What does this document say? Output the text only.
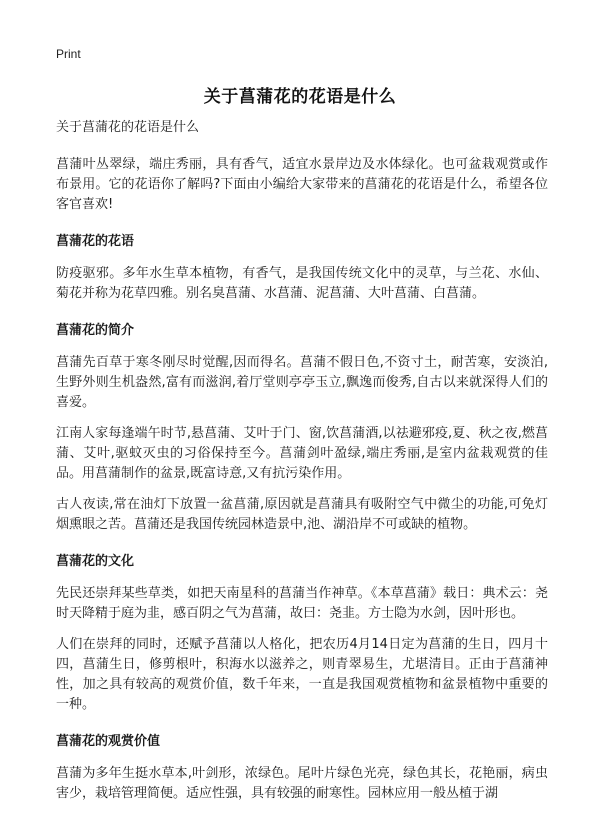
Print
关于菖蒲花的花语是什么

关于菖蒲花的花语是什么

菖蒲叶丛翠绿，端庄秀丽，具有香气，适宜水景岸边及水体绿化。也可盆栽观赏或作布景用。它的花语你了解吗?下面由小编给大家带来的菖蒲花的花语是什么，希望各位客官喜欢!

菖蒲花的花语

防疫驱邪。多年水生草本植物，有香气，是我国传统文化中的灵草，与兰花、水仙、菊花并称为花草四雅。别名臭菖蒲、水菖蒲、泥菖蒲、大叶菖蒲、白菖蒲。

菖蒲花的简介

菖蒲先百草于寒冬刚尽时觉醒,因而得名。菖蒲不假日色,不资寸土，耐苦寒，安淡泊,生野外则生机盎然,富有而滋润,着厅堂则亭亭玉立,飘逸而俊秀,自古以来就深得人们的喜爱。

江南人家每逢端午时节,悬菖蒲、艾叶于门、窗,饮菖蒲酒,以祛避邪疫,夏、秋之夜,燃菖蒲、艾叶,驱蚊灭虫的习俗保持至今。菖蒲剑叶盈绿,端庄秀丽,是室内盆栽观赏的佳品。用菖蒲制作的盆景,既富诗意,又有抗污染作用。

古人夜读,常在油灯下放置一盆菖蒲,原因就是菖蒲具有吸附空气中微尘的功能,可免灯烟熏眼之苦。菖蒲还是我国传统园林造景中,池、湖沿岸不可或缺的植物。

菖蒲花的文化

先民还崇拜某些草类，如把天南星科的菖蒲当作神草。《本草菖蒲》载日：典术云：尧时天降精于庭为韭，感百阴之气为菖蒲，故曰：尧韭。方士隐为水剑，因叶形也。

人们在崇拜的同时，还赋予菖蒲以人格化，把农历4月14日定为菖蒲的生日，四月十四，菖蒲生日，修剪根叶，积海水以滋养之，则青翠易生，尤堪清目。正由于菖蒲神性，加之具有较高的观赏价值，数千年来，一直是我国观赏植物和盆景植物中重要的一种。

菖蒲花的观赏价值

菖蒲为多年生挺水草本,叶剑形，浓绿色。尾叶片绿色光亮，绿色其长，花艳丽，病虫害少，栽培管理简便。适应性强，具有较强的耐寒性。园林应用一般丛植于湖
